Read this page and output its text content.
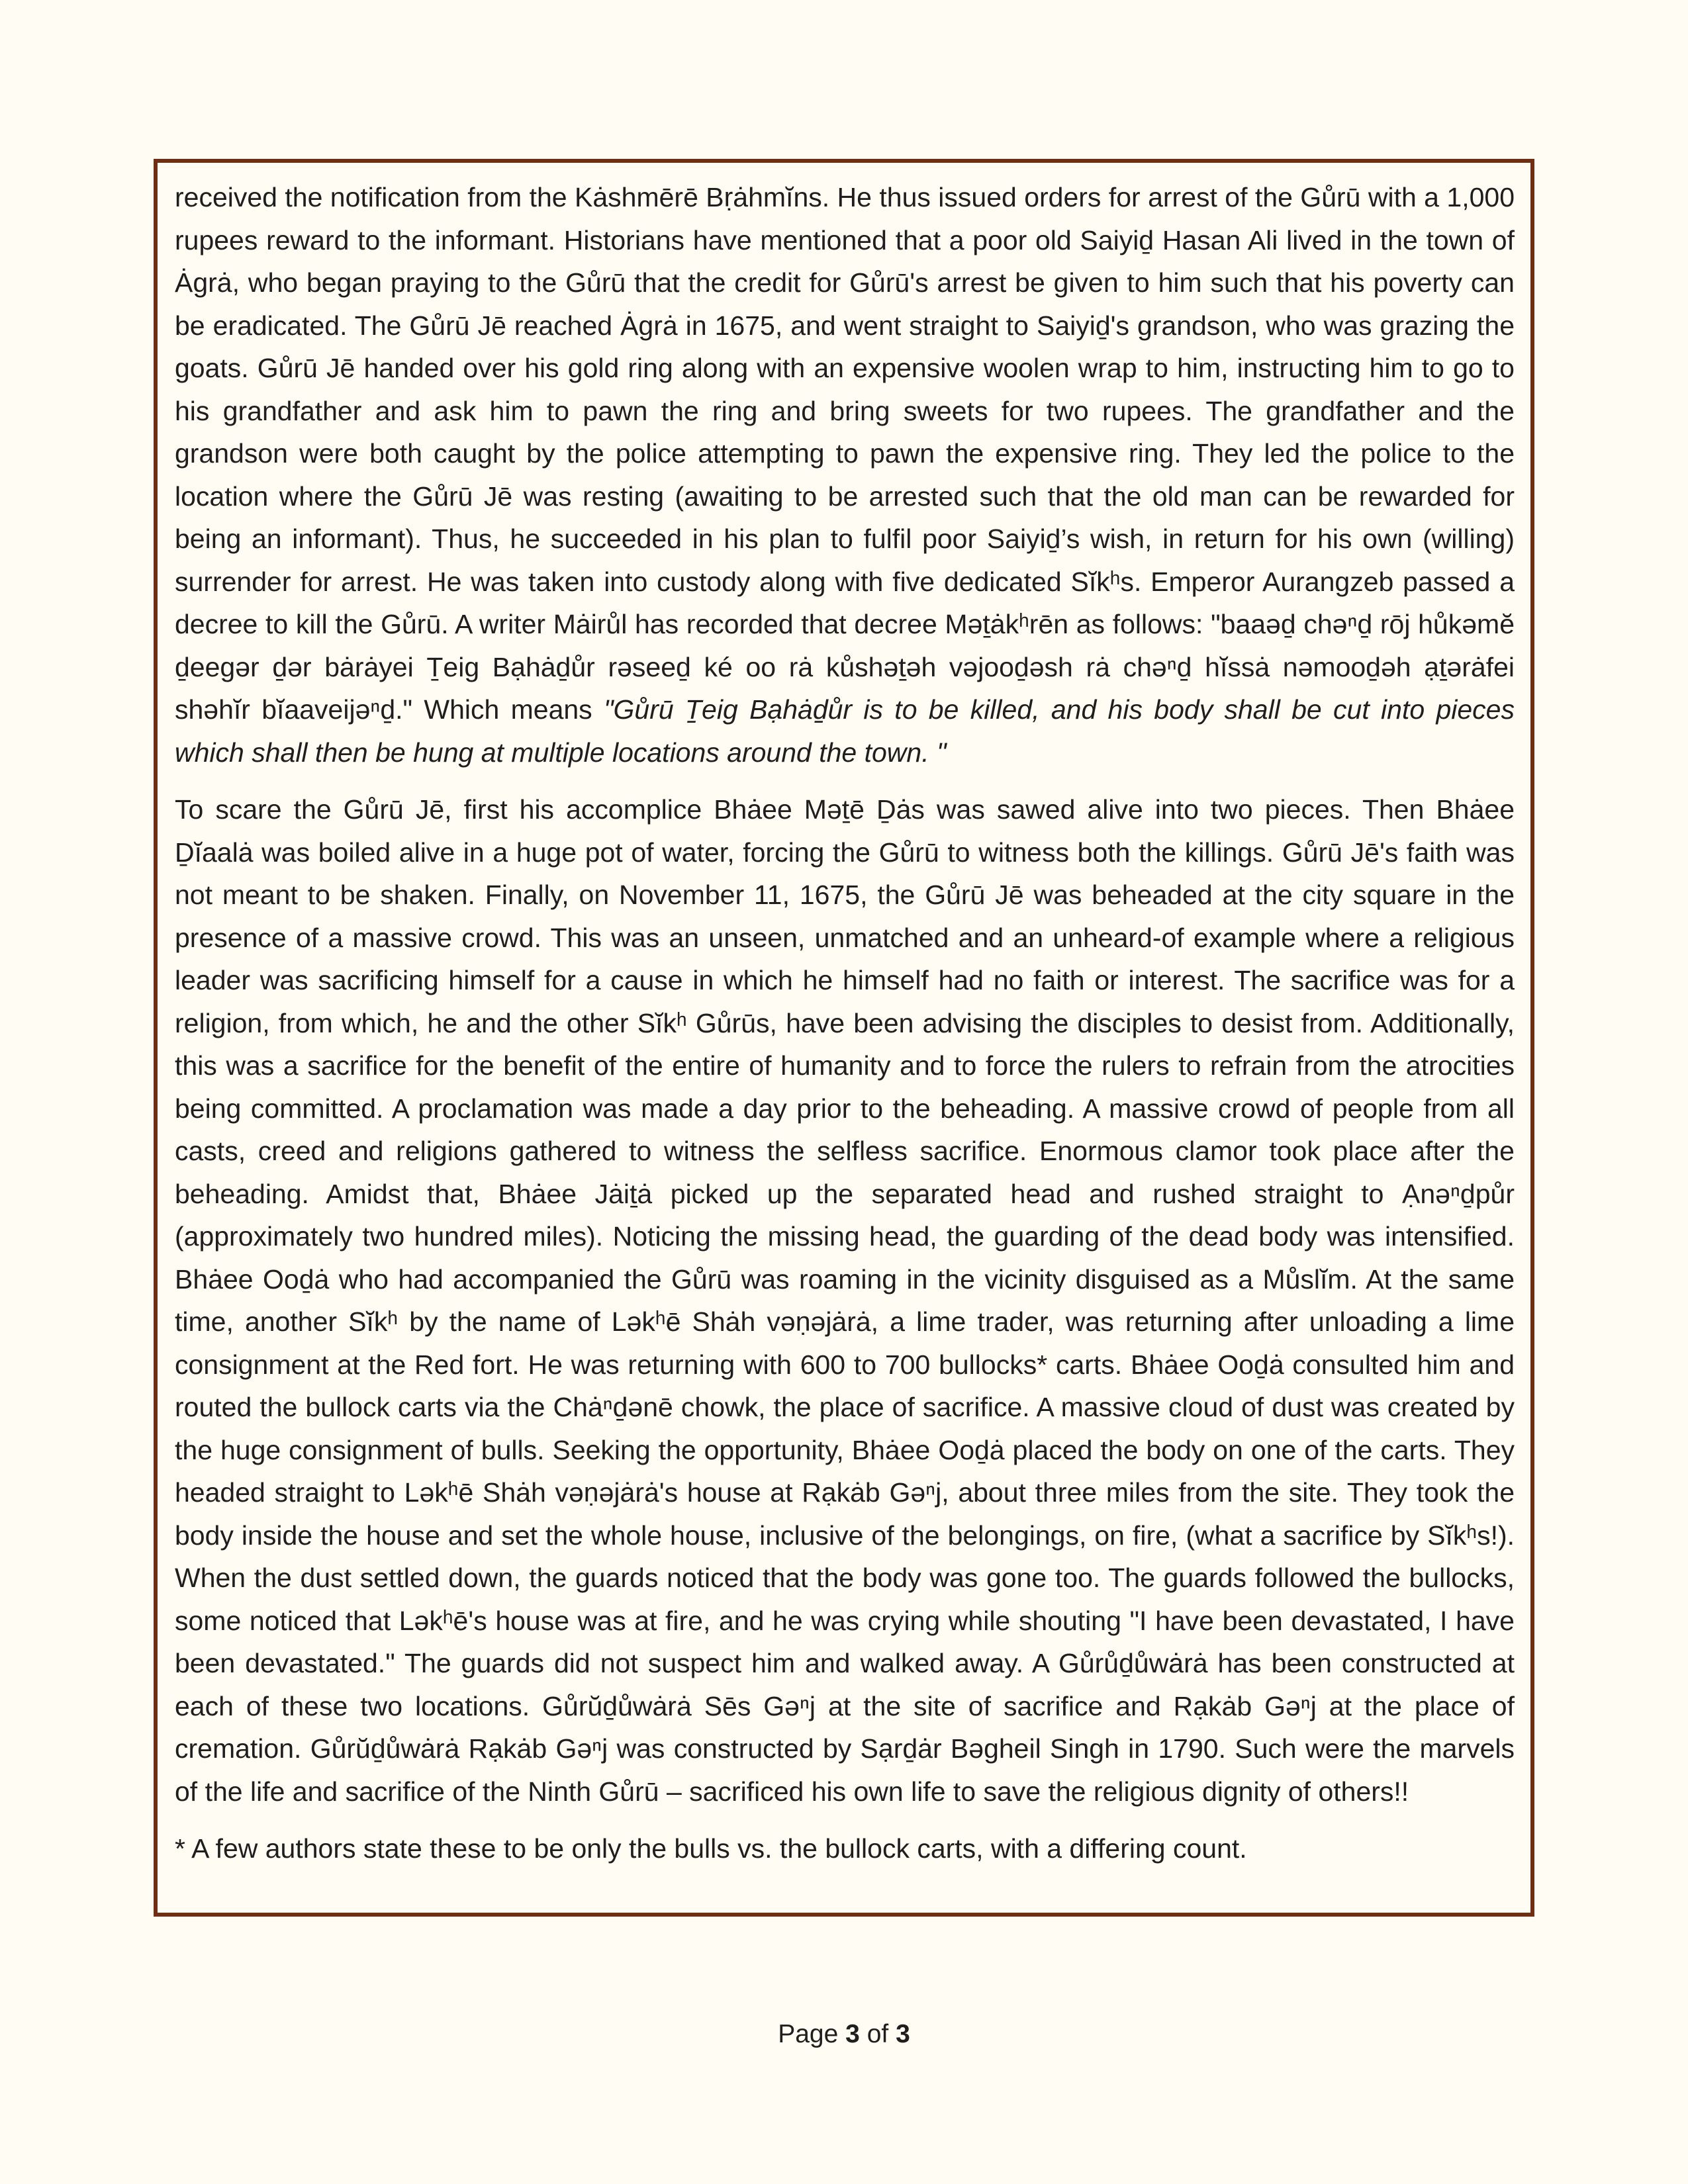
received the notification from the Kȧshmērē Bṛȧhmĭns. He thus issued orders for arrest of the Gůrū with a 1,000 rupees reward to the informant. Historians have mentioned that a poor old Saiyiḏ Hasan Ali lived in the town of Ȧgrȧ, who began praying to the Gůrū that the credit for Gůrū's arrest be given to him such that his poverty can be eradicated. The Gůrū Jē reached Ȧgrȧ in 1675, and went straight to Saiyiḏ's grandson, who was grazing the goats. Gůrū Jē handed over his gold ring along with an expensive woolen wrap to him, instructing him to go to his grandfather and ask him to pawn the ring and bring sweets for two rupees. The grandfather and the grandson were both caught by the police attempting to pawn the expensive ring. They led the police to the location where the Gůrū Jē was resting (awaiting to be arrested such that the old man can be rewarded for being an informant). Thus, he succeeded in his plan to fulfil poor Saiyiḏ’s wish, in return for his own (willing) surrender for arrest. He was taken into custody along with five dedicated Sĭkʰs. Emperor Aurangzeb passed a decree to kill the Gůrū. A writer Mȧirůl has recorded that decree Məṯȧkʰrēn as follows: "baaəḏ chəⁿḏ rōj hůkəmĕ ḏeegər ḏər bȧrȧyei Ṯeig Bạhȧḏůr rəseeḏ ké oo rȧ kůshəṯəh vəjooḏəsh rȧ chəⁿḏ hĭssȧ nəmooḏəh ạṯərȧfei shəhĭr bĭaaveijəⁿḏ." Which means "Gůrū Ṯeig Bạhȧḏůr is to be killed, and his body shall be cut into pieces which shall then be hung at multiple locations around the town. "

To scare the Gůrū Jē, first his accomplice Bhȧee Məṯē Ḏȧs was sawed alive into two pieces. Then Bhȧee Ḏĭaalȧ was boiled alive in a huge pot of water, forcing the Gůrū to witness both the killings. Gůrū Jē's faith was not meant to be shaken. Finally, on November 11, 1675, the Gůrū Jē was beheaded at the city square in the presence of a massive crowd. This was an unseen, unmatched and an unheard-of example where a religious leader was sacrificing himself for a cause in which he himself had no faith or interest. The sacrifice was for a religion, from which, he and the other Sĭkʰ Gůrūs, have been advising the disciples to desist from. Additionally, this was a sacrifice for the benefit of the entire of humanity and to force the rulers to refrain from the atrocities being committed. A proclamation was made a day prior to the beheading. A massive crowd of people from all casts, creed and religions gathered to witness the selfless sacrifice. Enormous clamor took place after the beheading. Amidst that, Bhȧee Jȧiṯȧ picked up the separated head and rushed straight to Ạnəⁿḏpůr (approximately two hundred miles). Noticing the missing head, the guarding of the dead body was intensified. Bhȧee Ooḏȧ who had accompanied the Gůrū was roaming in the vicinity disguised as a Můslĭm. At the same time, another Sĭkʰ by the name of Ləkʰē Shȧh vəṇəjȧrȧ, a lime trader, was returning after unloading a lime consignment at the Red fort. He was returning with 600 to 700 bullocks* carts. Bhȧee Ooḏȧ consulted him and routed the bullock carts via the Chȧⁿḏənē chowk, the place of sacrifice. A massive cloud of dust was created by the huge consignment of bulls. Seeking the opportunity, Bhȧee Ooḏȧ placed the body on one of the carts. They headed straight to Ləkʰē Shȧh vəṇəjȧrȧ's house at Rạkȧb Gəⁿj, about three miles from the site. They took the body inside the house and set the whole house, inclusive of the belongings, on fire, (what a sacrifice by Sĭkʰs!). When the dust settled down, the guards noticed that the body was gone too. The guards followed the bullocks, some noticed that Ləkʰē's house was at fire, and he was crying while shouting "I have been devastated, I have been devastated." The guards did not suspect him and walked away. A Gůrůḏůwȧrȧ has been constructed at each of these two locations. Gůrŭḏůwȧrȧ Sēs Gəⁿj at the site of sacrifice and Rạkȧb Gəⁿj at the place of cremation. Gůrŭḏůwȧrȧ Rạkȧb Gəⁿj was constructed by Sạrḏȧr Bəgheil Singh in 1790. Such were the marvels of the life and sacrifice of the Ninth Gůrū – sacrificed his own life to save the religious dignity of others!!

* A few authors state these to be only the bulls vs. the bullock carts, with a differing count.

Page 3 of 3
